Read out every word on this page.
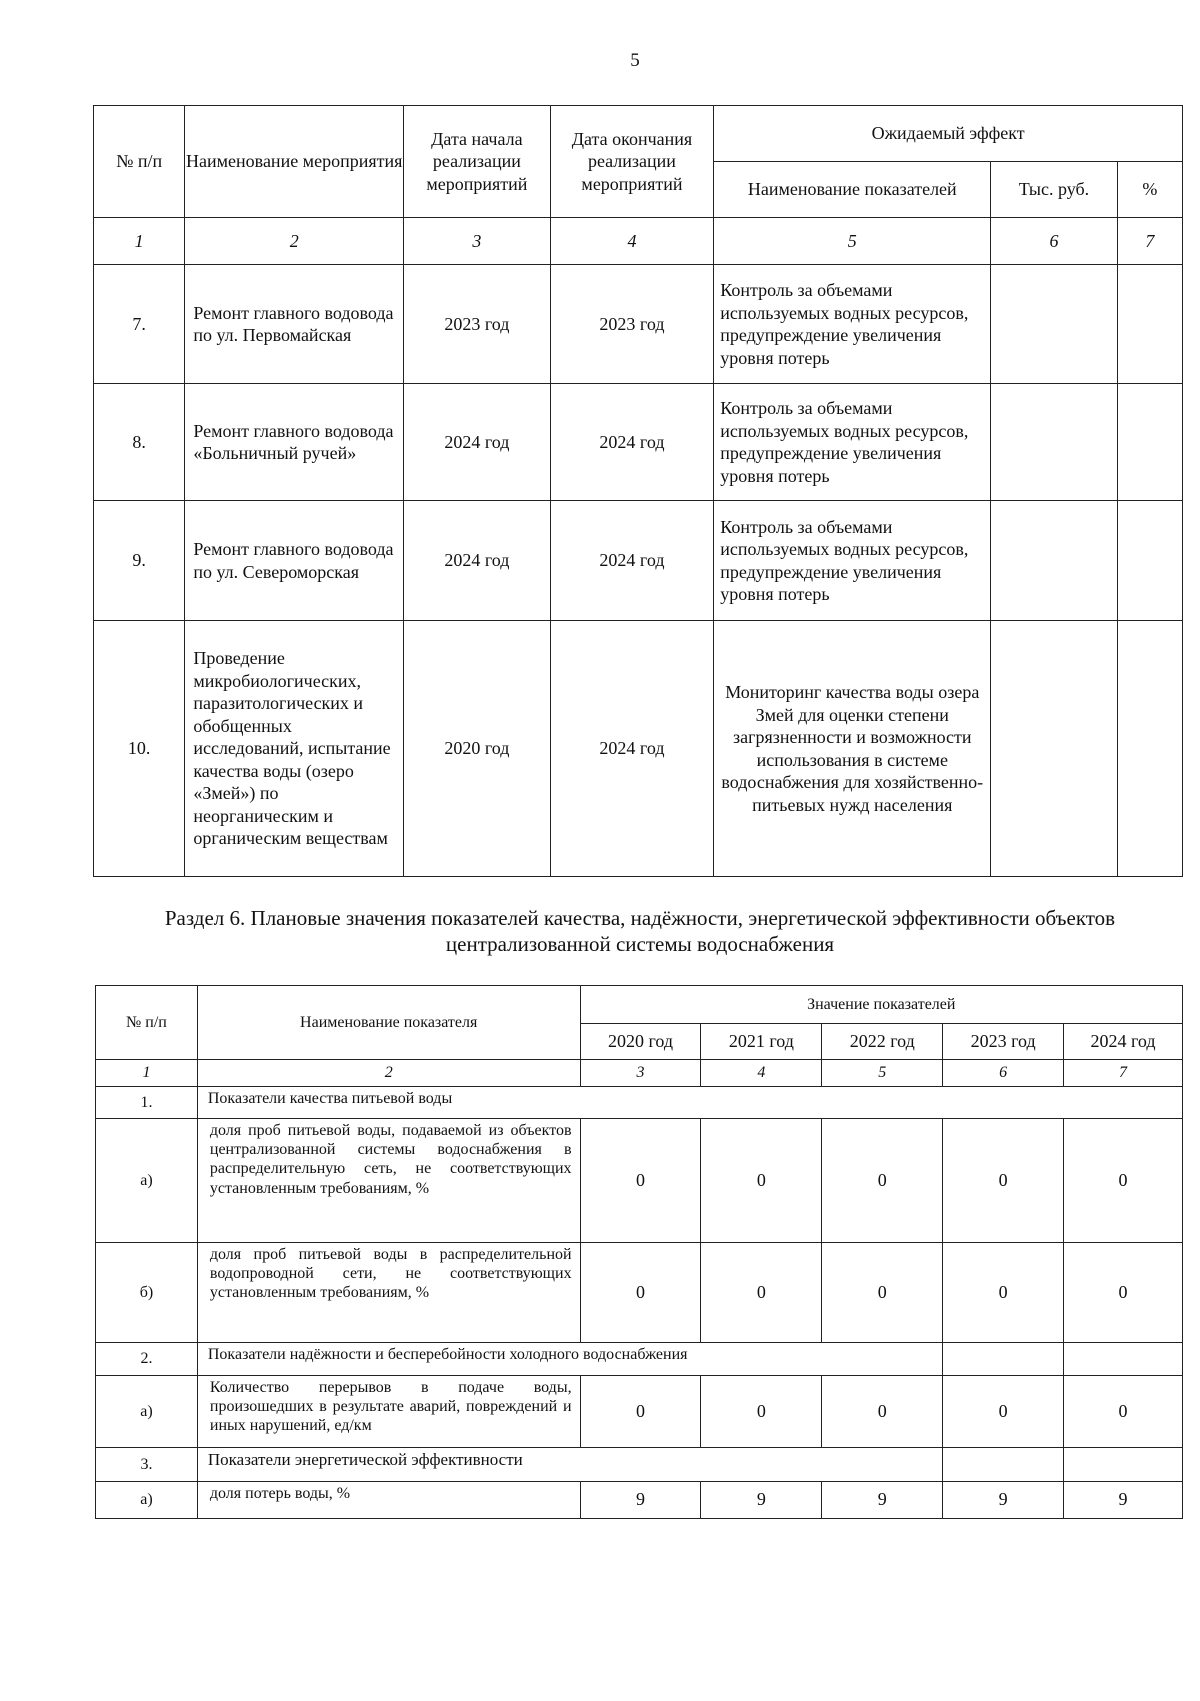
5
№ п/п	Наименование мероприятия	Дата начала реализации мероприятий	Дата окончания реализации мероприятий	Ожидаемый эффект		
				Наименование показателей	Тыс. руб.	%
1	2	3	4	5	6	7
7.	Ремонт главного водовода по ул. Первомайская	2023 год	2023 год	Контроль за объемами используемых водных ресурсов, предупреждение увеличения уровня потерь		
8.	Ремонт главного водовода «Больничный ручей»	2024 год	2024 год	Контроль за объемами используемых водных ресурсов, предупреждение увеличения уровня потерь		
9.	Ремонт главного водовода по ул. Североморская	2024 год	2024 год	Контроль за объемами используемых водных ресурсов, предупреждение увеличения уровня потерь		
10.	Проведение микробиологических, паразитологических и обобщенных исследований, испытание качества воды (озеро «Змей») по неорганическим и органическим веществам	2020 год	2024 год	Мониторинг качества воды озера Змей для оценки степени загрязненности и возможности использования в системе водоснабжения для хозяйственно-питьевых нужд населения		
Раздел 6. Плановые значения показателей качества, надёжности, энергетической эффективности объектов централизованной системы водоснабжения
№ п/п	Наименование показателя	Значение показателей				
		2020 год	2021 год	2022 год	2023 год	2024 год
1	2	3	4	5	6	7
1.	Показатели качества питьевой воды					
а)	доля проб питьевой воды, подаваемой из объектов централизованной системы водоснабжения в распределительную сеть, не соответствующих установленным требованиям, %	0	0	0	0	0
б)	доля проб питьевой воды в распределительной водопроводной сети, не соответствующих установленным требованиям, %	0	0	0	0	0
2.	Показатели надёжности и бесперебойности холодного водоснабжения					
а)	Количество перерывов в подаче воды, произошедших в результате аварий, повреждений и иных нарушений, ед/км	0	0	0	0	0
3.	Показатели энергетической эффективности					
а)	доля потерь воды, %	9	9	9	9	9
